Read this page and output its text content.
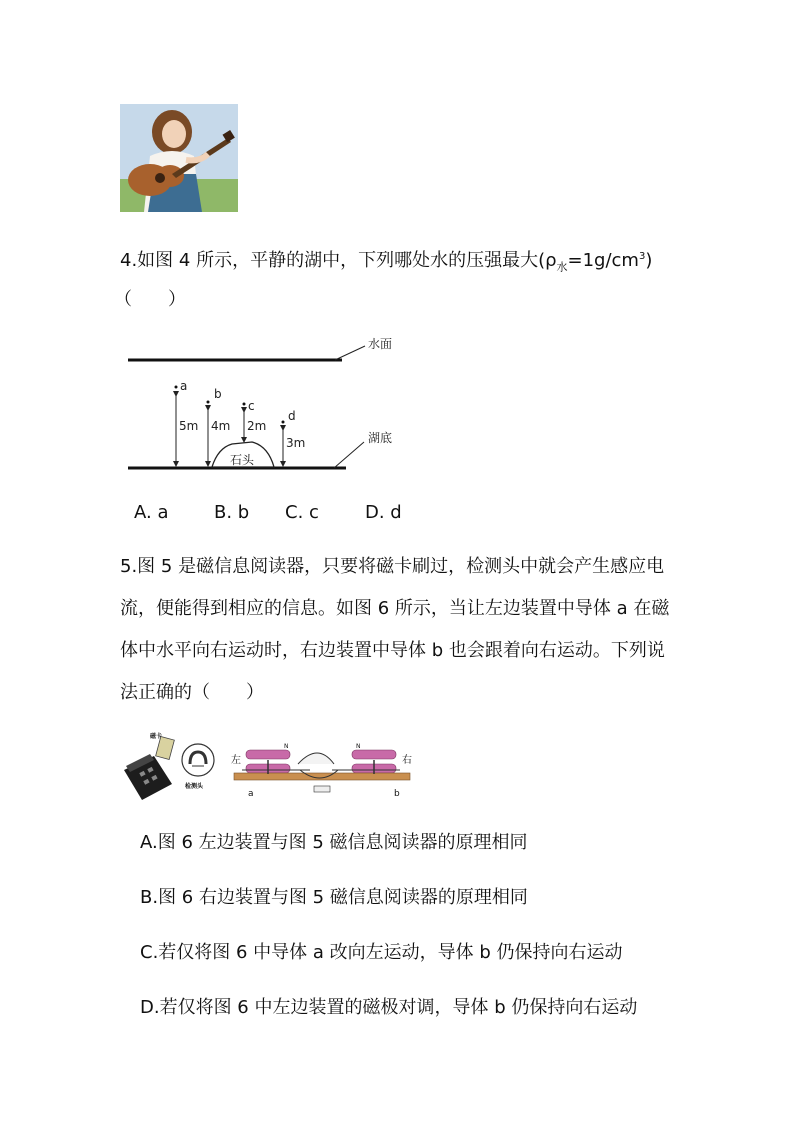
4.如图 4 所示，平静的湖中，下列哪处水的压强最大$(\rho_水=1g/cm^3)$
（　　）
水面
湖底
石头
a
5m
b
4m
c
2m
d
3m
A. a	B. b C. c	D. d
5.图 5 是磁信息阅读器，只要将磁卡刷过，检测头中就会产生感应电
流，便能得到相应的信息。如图 6 所示，当让左边装置中导体 a 在磁
体中水平向右运动时，右边装置中导体 b 也会跟着向右运动。下列说
法正确的（　　）
磁卡
检测头
左	右
N	N
a	b
A.图 6 左边装置与图 5 磁信息阅读器的原理相同
B.图 6 右边装置与图 5 磁信息阅读器的原理相同
C.若仅将图 6 中导体 a 改向左运动，导体 b 仍保持向右运动
D.若仅将图 6 中左边装置的磁极对调，导体 b 仍保持向右运动
